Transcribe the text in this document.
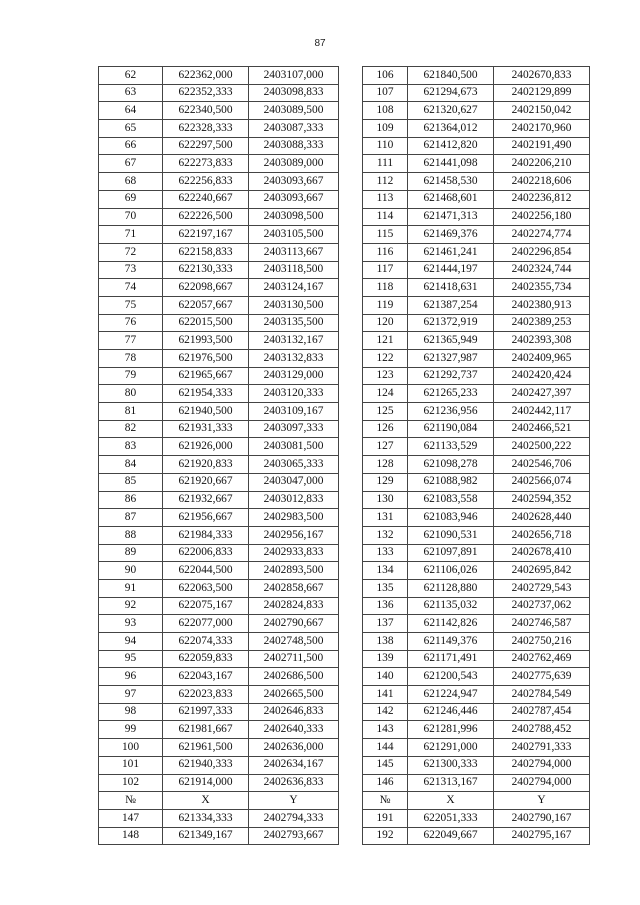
87
62	622362,000	2403107,000
63	622352,333	2403098,833
64	622340,500	2403089,500
65	622328,333	2403087,333
66	622297,500	2403088,333
67	622273,833	2403089,000
68	622256,833	2403093,667
69	622240,667	2403093,667
70	622226,500	2403098,500
71	622197,167	2403105,500
72	622158,833	2403113,667
73	622130,333	2403118,500
74	622098,667	2403124,167
75	622057,667	2403130,500
76	622015,500	2403135,500
77	621993,500	2403132,167
78	621976,500	2403132,833
79	621965,667	2403129,000
80	621954,333	2403120,333
81	621940,500	2403109,167
82	621931,333	2403097,333
83	621926,000	2403081,500
84	621920,833	2403065,333
85	621920,667	2403047,000
86	621932,667	2403012,833
87	621956,667	2402983,500
88	621984,333	2402956,167
89	622006,833	2402933,833
90	622044,500	2402893,500
91	622063,500	2402858,667
92	622075,167	2402824,833
93	622077,000	2402790,667
94	622074,333	2402748,500
95	622059,833	2402711,500
96	622043,167	2402686,500
97	622023,833	2402665,500
98	621997,333	2402646,833
99	621981,667	2402640,333
100	621961,500	2402636,000
101	621940,333	2402634,167
102	621914,000	2402636,833
№	X	Y
147	621334,333	2402794,333
148	621349,167	2402793,667
106	621840,500	2402670,833
107	621294,673	2402129,899
108	621320,627	2402150,042
109	621364,012	2402170,960
110	621412,820	2402191,490
111	621441,098	2402206,210
112	621458,530	2402218,606
113	621468,601	2402236,812
114	621471,313	2402256,180
115	621469,376	2402274,774
116	621461,241	2402296,854
117	621444,197	2402324,744
118	621418,631	2402355,734
119	621387,254	2402380,913
120	621372,919	2402389,253
121	621365,949	2402393,308
122	621327,987	2402409,965
123	621292,737	2402420,424
124	621265,233	2402427,397
125	621236,956	2402442,117
126	621190,084	2402466,521
127	621133,529	2402500,222
128	621098,278	2402546,706
129	621088,982	2402566,074
130	621083,558	2402594,352
131	621083,946	2402628,440
132	621090,531	2402656,718
133	621097,891	2402678,410
134	621106,026	2402695,842
135	621128,880	2402729,543
136	621135,032	2402737,062
137	621142,826	2402746,587
138	621149,376	2402750,216
139	621171,491	2402762,469
140	621200,543	2402775,639
141	621224,947	2402784,549
142	621246,446	2402787,454
143	621281,996	2402788,452
144	621291,000	2402791,333
145	621300,333	2402794,000
146	621313,167	2402794,000
№	X	Y
191	622051,333	2402790,167
192	622049,667	2402795,167
